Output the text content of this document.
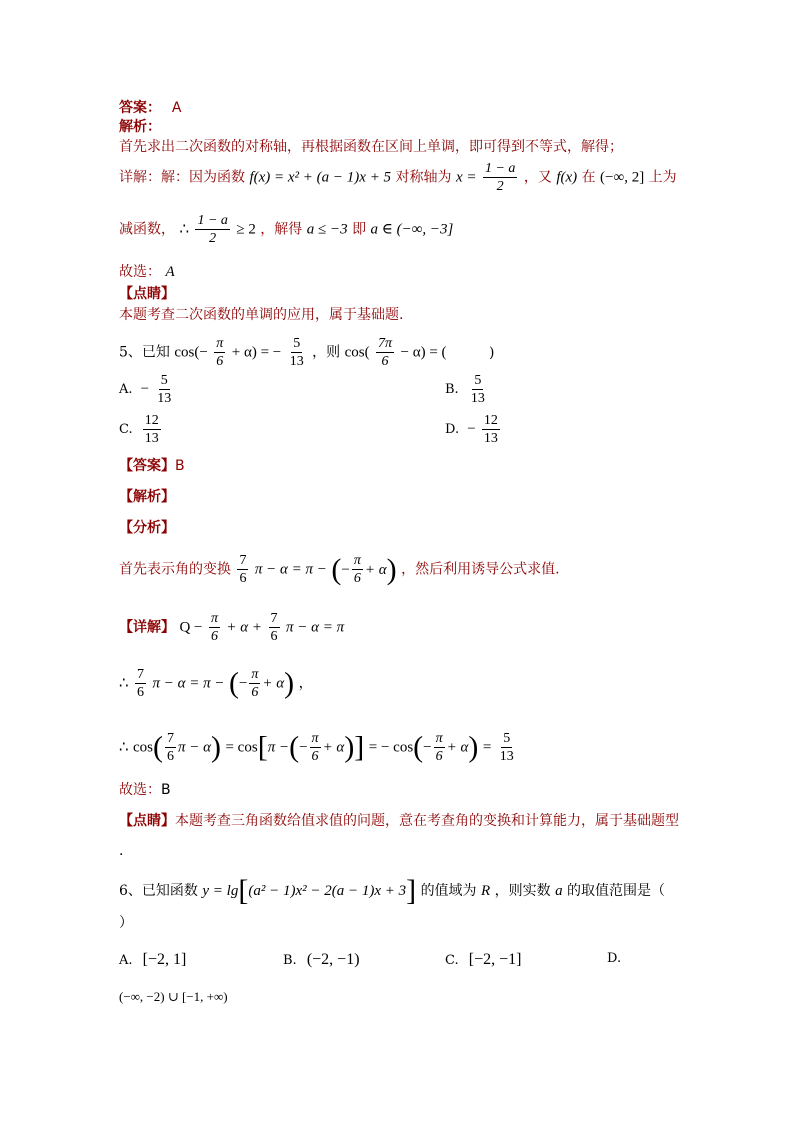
答案： A
解析：
首先求出二次函数的对称轴，再根据函数在区间上单调，即可得到不等式，解得；
详解：解：因为函数 f(x) = x² + (a − 1)x + 5 对称轴为 $x = \frac{1 - a}{2}$ ，又 f(x) 在 (−∞, 2] 上为
减函数， ∴ $\frac{1 - a}{2} \ge 2$ ，解得 a ≤ −3 即 a ∈ (−∞, −3]
故选： A
【点睛】
本题考查二次函数的单调的应用，属于基础题.
5、已知 $\cos(- \frac{\pi}{6} + \alpha)$ = − $\frac{5}{13}$ ，则 $\cos( \frac{7\pi}{6} - \alpha)$ = (	)
A. − $\frac{5}{13}$	B. $\frac{5}{13}$
C. $\frac{12}{13}$	D. − $\frac{12}{13}$
【答案】B
【解析】
【分析】
首先表示角的变换 $\frac{7}{6}$ π − α = π − (− $\frac{\pi}{6} + \alpha$) ，然后利用诱导公式求值.
【详解】 $Q - \frac{\pi}{6} + \alpha + \frac{7}{6}$ π − α = π
∴ $\frac{7}{6}$ π − α = π − (− $\frac{\pi}{6} + \alpha$) ，
∴ $\cos( \frac{7}{6}$ π − α) = cos[π −(− $\frac{\pi}{6} + \alpha$)] = − $\cos(- \frac{\pi}{6} + \alpha) = \frac{5}{13}$
故选：B
【点睛】本题考查三角函数给值求值的问题，意在考查角的变换和计算能力，属于基础题型
.
6、已知函数 y = lg[(a² − 1)x² − 2(a − 1)x + 3] 的值域为 R ，则实数 a 的取值范围是（
）
A. [−2, 1]	B. (−2, −1)	C. [−2, −1]	D.
(−∞, −2) ∪ [−1, +∞)
